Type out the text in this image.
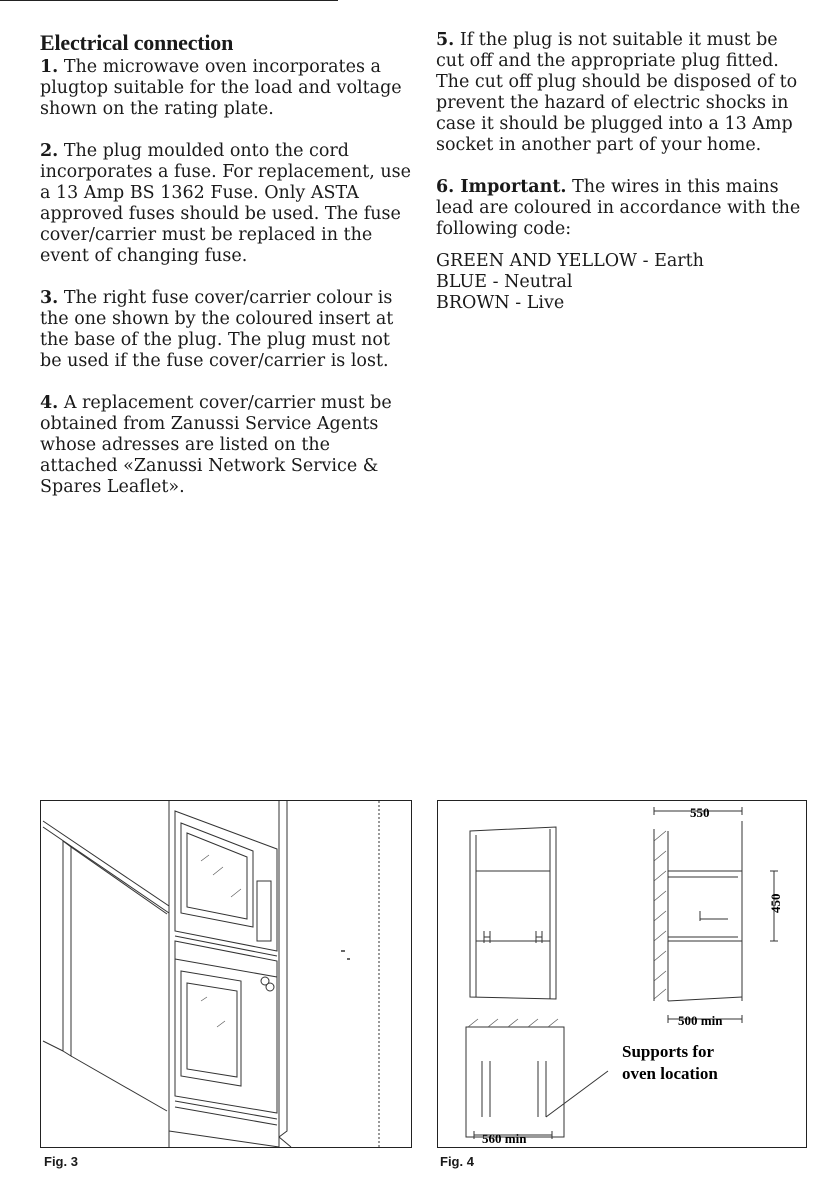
Electrical connection

1. The microwave oven incorporates a plugtop suitable for the load and voltage shown on the rating plate.

2. The plug moulded onto the cord incorporates a fuse. For replacement, use a 13 Amp BS 1362 Fuse. Only ASTA approved fuses should be used. The fuse cover/carrier must be replaced in the event of changing fuse.

3. The right fuse cover/carrier colour is the one shown by the coloured insert at the base of the plug. The plug must not be used if the fuse cover/carrier is lost.

4. A replacement cover/carrier must be obtained from Zanussi Service Agents whose adresses are listed on the attached «Zanussi Network Service & Spares Leaflet».

5. If the plug is not suitable it must be cut off and the appropriate plug fitted. The cut off plug should be disposed of to prevent the hazard of electric shocks in case it should be plugged into a 13 Amp socket in another part of your home.

6. Important. The wires in this mains lead are coloured in accordance with the following code:

GREEN AND YELLOW - Earth

BLUE - Neutral

BROWN - Live

550
450
500 min
560 min
Supports for
oven location
Fig. 3	Fig. 4
